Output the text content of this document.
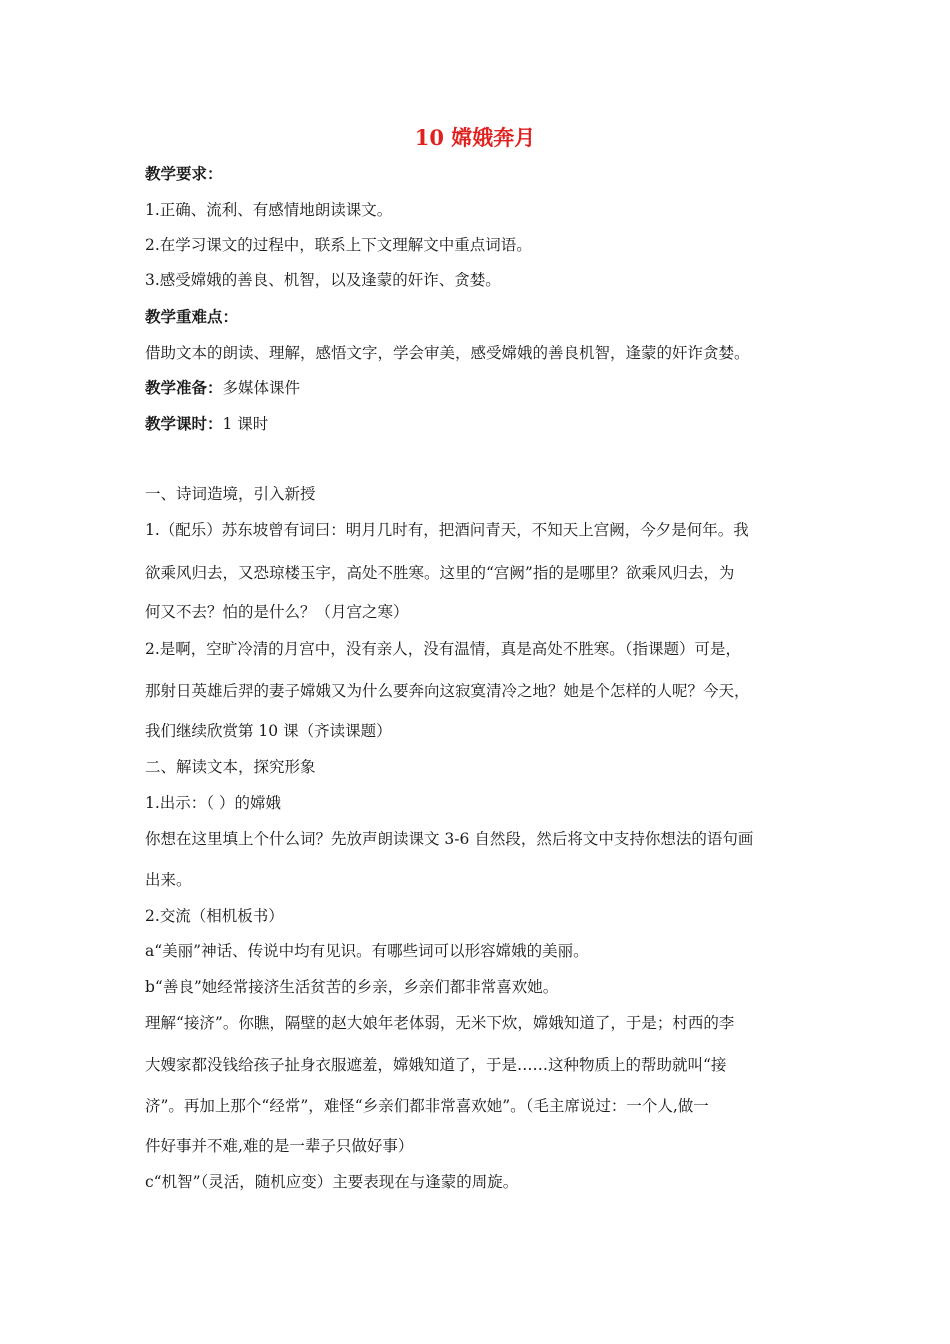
10 嫦娥奔月
教学要求：
1.正确、流利、有感情地朗读课文。
2.在学习课文的过程中，联系上下文理解文中重点词语。
3.感受嫦娥的善良、机智，以及逢蒙的奸诈、贪婪。
教学重难点：
借助文本的朗读、理解，感悟文字，学会审美，感受嫦娥的善良机智，逢蒙的奸诈贪婪。
教学准备：多媒体课件
教学课时：1 课时
一、诗词造境，引入新授
1.（配乐）苏东坡曾有词曰：明月几时有，把酒问青天，不知天上宫阙，今夕是何年。我
欲乘风归去，又恐琼楼玉宇，高处不胜寒。这里的“宫阙”指的是哪里？欲乘风归去，为
何又不去？怕的是什么？（月宫之寒）
2.是啊，空旷冷清的月宫中，没有亲人，没有温情，真是高处不胜寒。（指课题）可是，
那射日英雄后羿的妻子嫦娥又为什么要奔向这寂寞清冷之地？她是个怎样的人呢？今天，
我们继续欣赏第 10 课（齐读课题）
二、解读文本，探究形象
1.出示：（ ）的嫦娥
你想在这里填上个什么词？先放声朗读课文 3-6 自然段，然后将文中支持你想法的语句画
出来。
2.交流（相机板书）
a“美丽”神话、传说中均有见识。有哪些词可以形容嫦娥的美丽。
b“善良”她经常接济生活贫苦的乡亲，乡亲们都非常喜欢她。
理解“接济”。你瞧，隔壁的赵大娘年老体弱，无米下炊，嫦娥知道了，于是；村西的李
大嫂家都没钱给孩子扯身衣服遮羞，嫦娥知道了，于是……这种物质上的帮助就叫“接
济”。再加上那个“经常”，难怪“乡亲们都非常喜欢她”。（毛主席说过：一个人,做一
件好事并不难,难的是一辈子只做好事）
c“机智”（灵活，随机应变）主要表现在与逢蒙的周旋。
